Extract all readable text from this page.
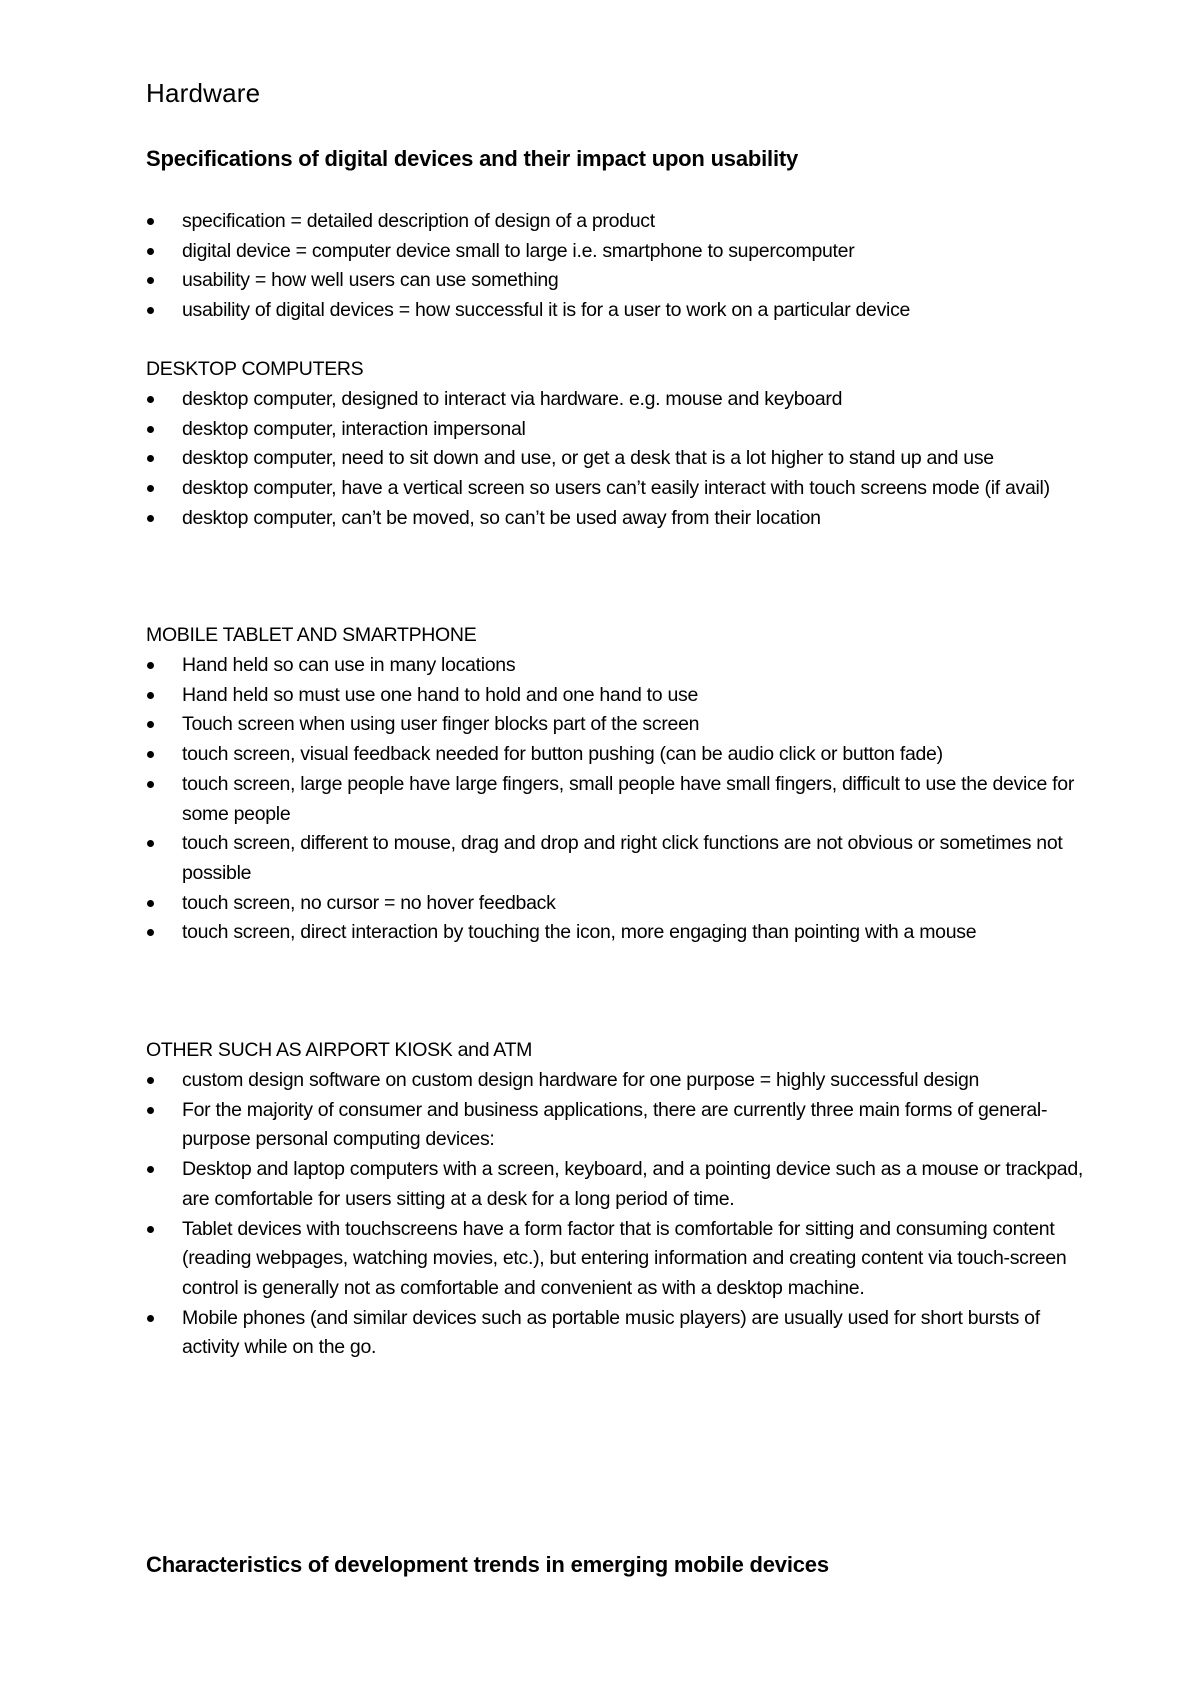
Hardware
Specifications of digital devices and their impact upon usability
specification = detailed description of design of a product
digital device = computer device small to large i.e. smartphone to supercomputer
usability = how well users can use something
usability of digital devices = how successful it is for a user to work on a particular device

DESKTOP COMPUTERS

desktop computer, designed to interact via hardware. e.g. mouse and keyboard
desktop computer, interaction impersonal
desktop computer, need to sit down and use, or get a desk that is a lot higher to stand up and use
desktop computer, have a vertical screen so users can’t easily interact with touch screens mode (if avail)
desktop computer, can’t be moved, so can’t be used away from their location

MOBILE TABLET AND SMARTPHONE

Hand held so can use in many locations
Hand held so must use one hand to hold and one hand to use
Touch screen when using user finger blocks part of the screen
touch screen, visual feedback needed for button pushing (can be audio click or button fade)
touch screen, large people have large fingers, small people have small fingers, difficult to use the device for some people
touch screen, different to mouse, drag and drop and right click functions are not obvious or sometimes not possible
touch screen, no cursor = no hover feedback
touch screen, direct interaction by touching the icon, more engaging than pointing with a mouse

OTHER SUCH AS AIRPORT KIOSK and ATM

custom design software on custom design hardware for one purpose = highly successful design
For the majority of consumer and business applications, there are currently three main forms of general-purpose personal computing devices:
Desktop and laptop computers with a screen, keyboard, and a pointing device such as a mouse or trackpad, are comfortable for users sitting at a desk for a long period of time.
Tablet devices with touchscreens have a form factor that is comfortable for sitting and consuming content (reading webpages, watching movies, etc.), but entering information and creating content via touch-screen control is generally not as comfortable and convenient as with a desktop machine.
Mobile phones (and similar devices such as portable music players) are usually used for short bursts of activity while on the go.
Characteristics of development trends in emerging mobile devices
